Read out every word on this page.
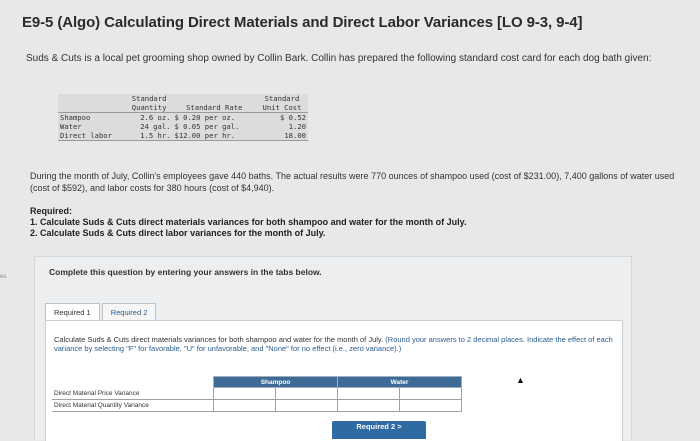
E9-5 (Algo) Calculating Direct Materials and Direct Labor Variances [LO 9-3, 9-4]
Suds & Cuts is a local pet grooming shop owned by Collin Bark. Collin has prepared the following standard cost card for each dog bath given:
	Standard		Standard
	Quantity	Standard Rate	Unit Cost
Shampoo	2.6 oz.	$ 0.20 per oz.	$ 0.52
Water	24 gal.	$ 0.05 per gal.	1.20
Direct labor	1.5 hr.	$12.00 per hr.	18.00
During the month of July, Collin's employees gave 440 baths. The actual results were 770 ounces of shampoo used (cost of $231.00), 7,400 gallons of water used (cost of $592), and labor costs for 380 hours (cost of $4,940).
Required:
1. Calculate Suds & Cuts direct materials variances for both shampoo and water for the month of July.
2. Calculate Suds & Cuts direct labor variances for the month of July.
es	Complete this question by entering your answers in the tabs below.
Required 1	Required 2
Calculate Suds & Cuts direct materials variances for both shampoo and water for the month of July. (Round your answers to 2 decimal places. Indicate the effect of each variance by selecting "F" for favorable, "U" for unfavorable, and "None" for no effect (i.e., zero variance).)
	Shampoo		Water	
Direct Material Price Variance				
Direct Material Quantity Variance				
▲
Required 2 >
